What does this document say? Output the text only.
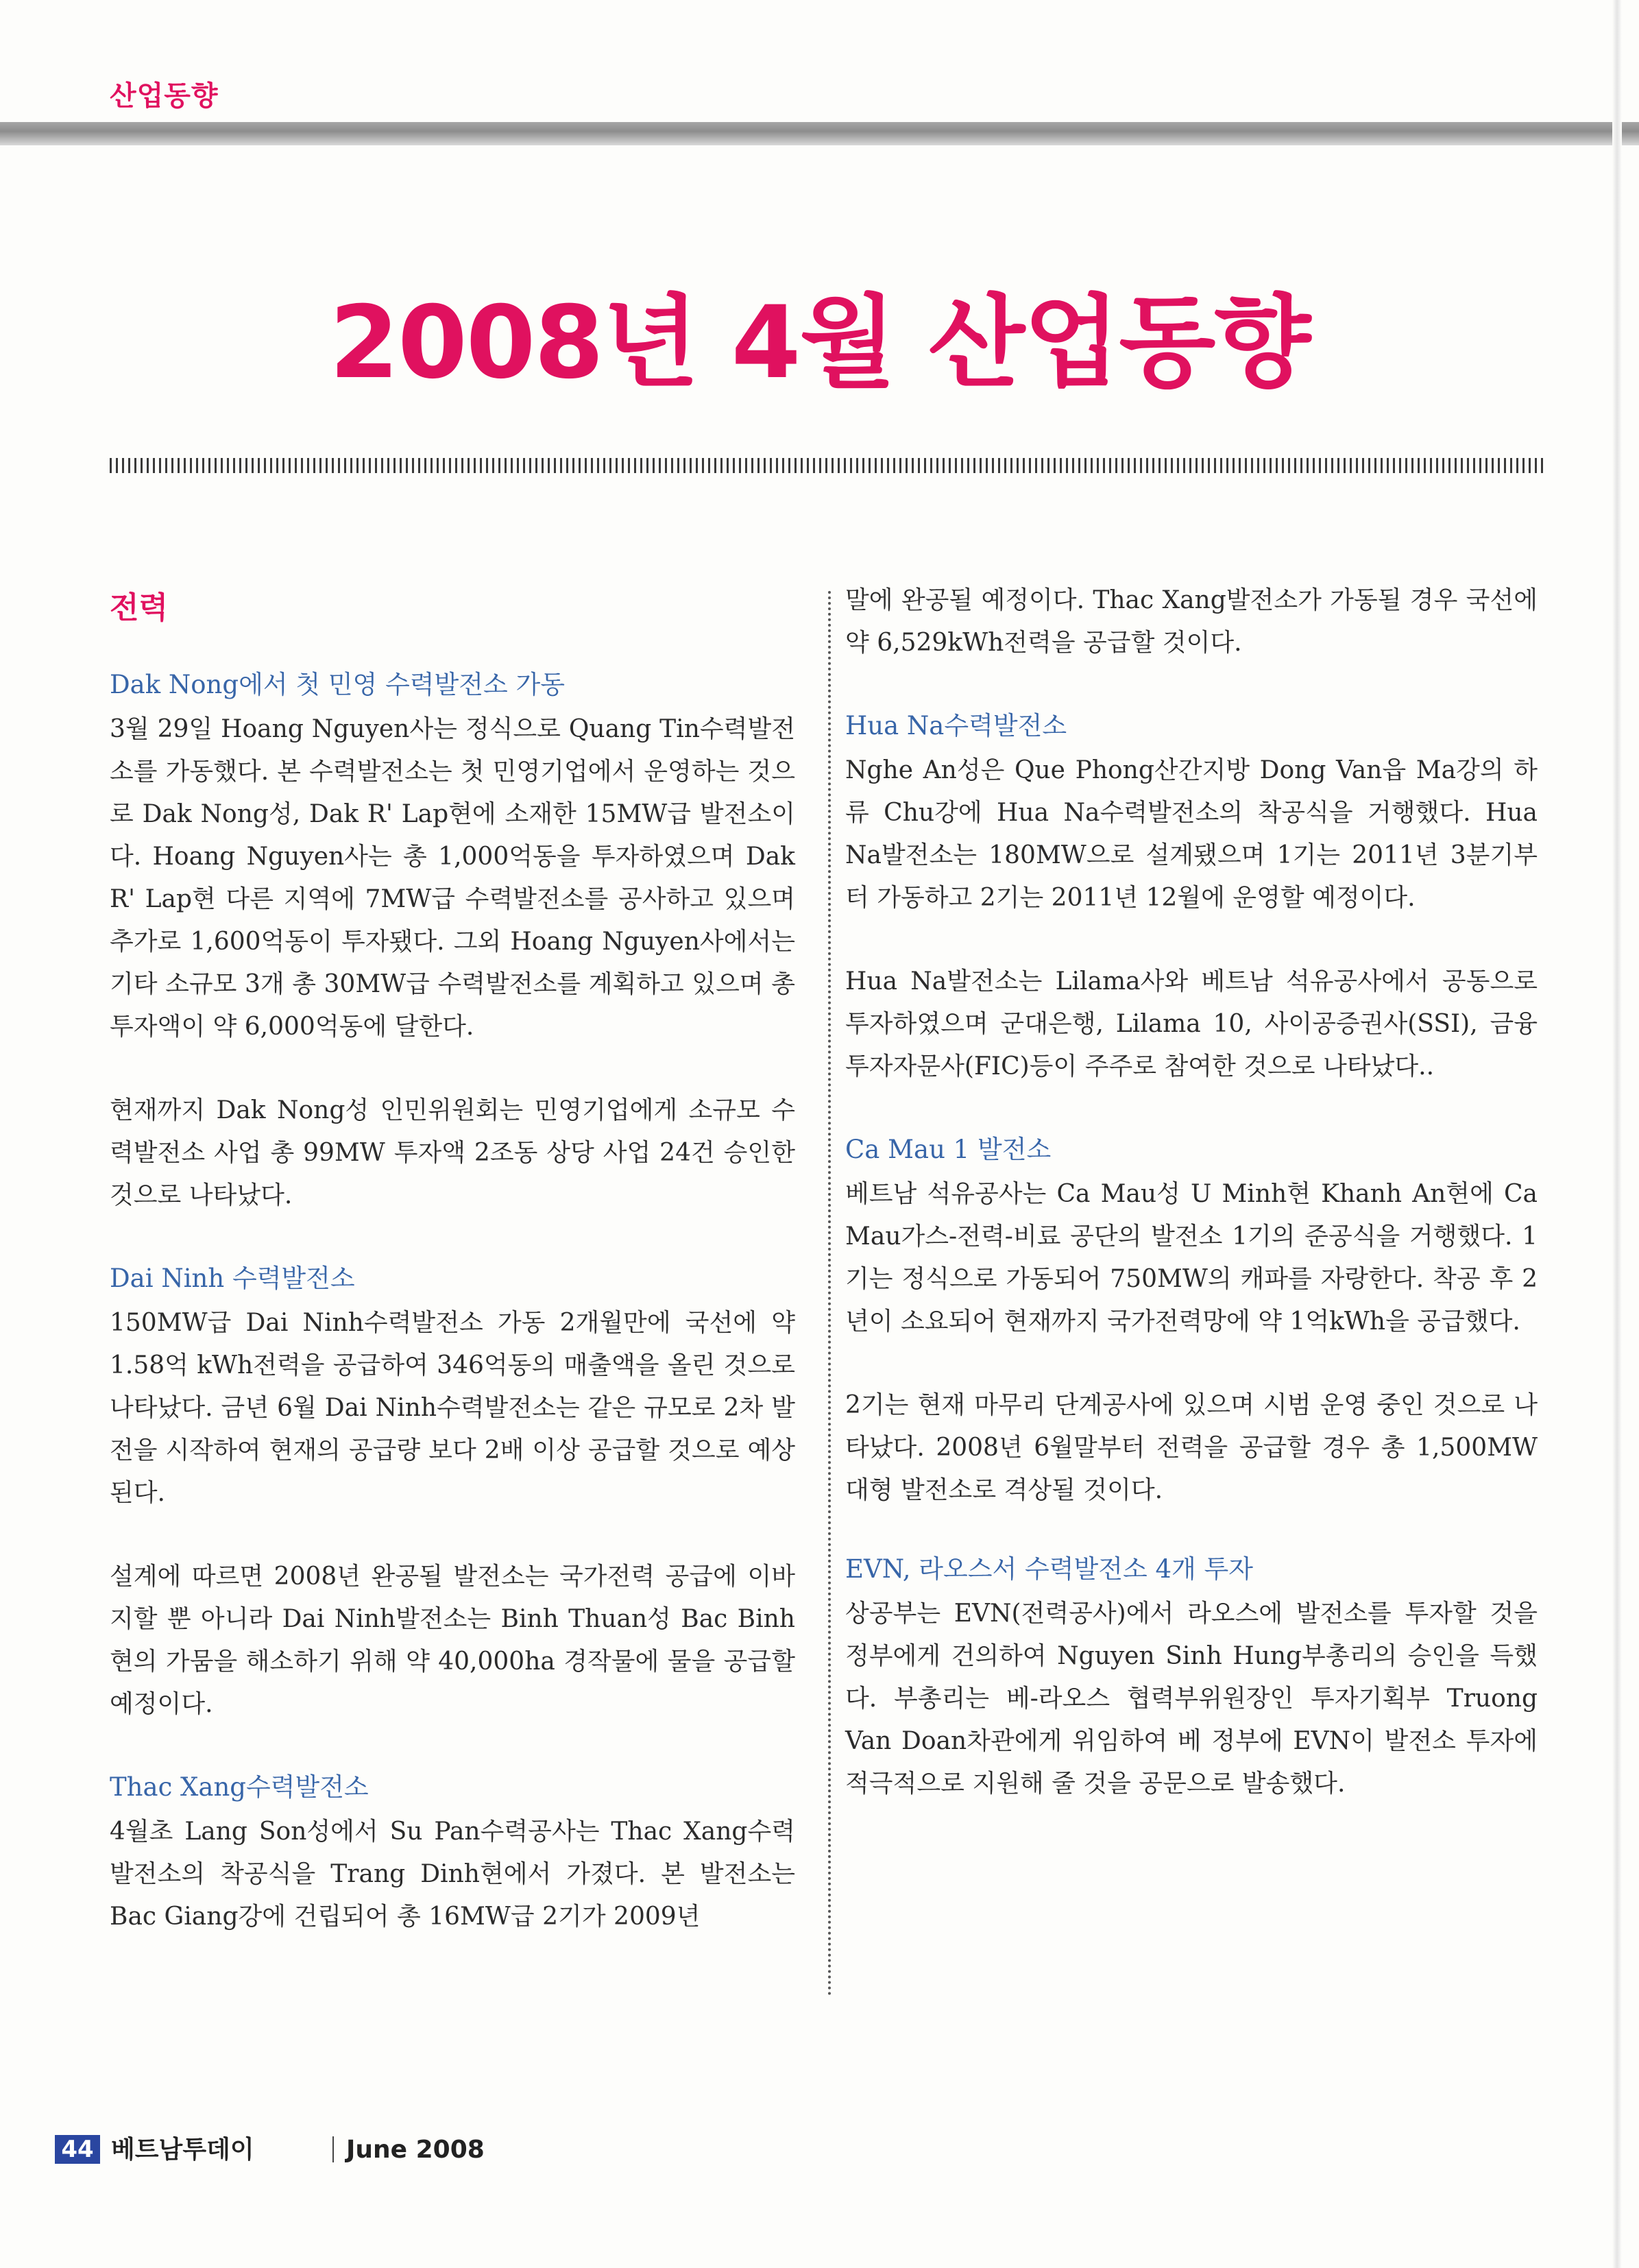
산업동향
2008년 4월 산업동향
전력
Dak Nong에서 첫 민영 수력발전소 가동

3월 29일 Hoang Nguyen사는 정식으로 Quang Tin수력발전소를 가동했다. 본 수력발전소는 첫 민영기업에서 운영하는 것으로 Dak Nong성, Dak R' Lap현에 소재한 15MW급 발전소이다. Hoang Nguyen사는 총 1,000억동을 투자하였으며 Dak R' Lap현 다른 지역에 7MW급 수력발전소를 공사하고 있으며 추가로 1,600억동이 투자됐다. 그외 Hoang Nguyen사에서는 기타 소규모 3개 총 30MW급 수력발전소를 계획하고 있으며 총 투자액이 약 6,000억동에 달한다.

현재까지 Dak Nong성 인민위원회는 민영기업에게 소규모 수력발전소 사업 총 99MW 투자액 2조동 상당 사업 24건 승인한 것으로 나타났다.

Dai Ninh 수력발전소

150MW급 Dai Ninh수력발전소 가동 2개월만에 국선에 약 1.58억 kWh전력을 공급하여 346억동의 매출액을 올린 것으로 나타났다. 금년 6월 Dai Ninh수력발전소는 같은 규모로 2차 발전을 시작하여 현재의 공급량 보다 2배 이상 공급할 것으로 예상된다.

설계에 따르면 2008년 완공될 발전소는 국가전력 공급에 이바지할 뿐 아니라 Dai Ninh발전소는 Binh Thuan성 Bac Binh현의 가뭄을 해소하기 위해 약 40,000ha 경작물에 물을 공급할 예정이다.

Thac Xang수력발전소

4월초 Lang Son성에서 Su Pan수력공사는 Thac Xang수력발전소의 착공식을 Trang Dinh현에서 가졌다. 본 발전소는 Bac Giang강에 건립되어 총 16MW급 2기가 2009년

말에 완공될 예정이다. Thac Xang발전소가 가동될 경우 국선에 약 6,529kWh전력을 공급할 것이다.

Hua Na수력발전소

Nghe An성은 Que Phong산간지방 Dong Van읍 Ma강의 하류 Chu강에 Hua Na수력발전소의 착공식을 거행했다. Hua Na발전소는 180MW으로 설계됐으며 1기는 2011년 3분기부터 가동하고 2기는 2011년 12월에 운영할 예정이다.

Hua Na발전소는 Lilama사와 베트남 석유공사에서 공동으로 투자하였으며 군대은행, Lilama 10, 사이공증권사(SSI), 금융투자자문사(FIC)등이 주주로 참여한 것으로 나타났다..

Ca Mau 1 발전소

베트남 석유공사는 Ca Mau성 U Minh현 Khanh An현에 Ca Mau가스-전력-비료 공단의 발전소 1기의 준공식을 거행했다. 1기는 정식으로 가동되어 750MW의 캐파를 자랑한다. 착공 후 2년이 소요되어 현재까지 국가전력망에 약 1억kWh을 공급했다.

2기는 현재 마무리 단계공사에 있으며 시범 운영 중인 것으로 나타났다. 2008년 6월말부터 전력을 공급할 경우 총 1,500MW 대형 발전소로 격상될 것이다.

EVN, 라오스서 수력발전소 4개 투자

상공부는 EVN(전력공사)에서 라오스에 발전소를 투자할 것을 정부에게 건의하여 Nguyen Sinh Hung부총리의 승인을 득했다. 부총리는 베-라오스 협력부위원장인 투자기획부 Truong Van Doan차관에게 위임하여 베 정부에 EVN이 발전소 투자에 적극적으로 지원해 줄 것을 공문으로 발송했다.

44 베트남투데이	June 2008
